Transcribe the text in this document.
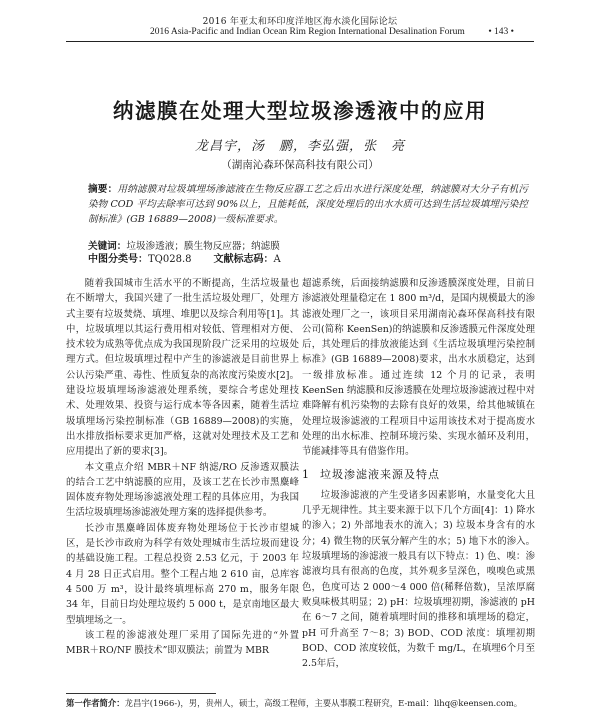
2016 年亚太和环印度洋地区海水淡化国际论坛
2016 Asia-Pacific and Indian Ocean Rim Region International Desalination Forum • 143 •
纳滤膜在处理大型垃圾渗透液中的应用
龙昌宇，汤　鹏，李弘强，张　亮
（湖南沁森环保高科技有限公司）
摘要：用纳滤膜对垃圾填埋场渗滤液在生物反应器工艺之后出水进行深度处理，纳滤膜对大分子有机污染物 COD 平均去除率可达到 90%以上，且能耗低，深度处理后的出水水质可达到生活垃圾填埋污染控制标准》(GB 16889—2008)一级标准要求。
关键词：垃圾渗透液；膜生物反应器；纳滤膜
中图分类号：TQ028.8 文献标志码：A

随着我国城市生活水平的不断提高，生活垃圾量也在不断增大，我国兴建了一批生活垃圾处理厂，处理方式主要有垃圾焚烧、填埋、堆肥以及综合利用等[1]。其中，垃圾填埋以其运行费用相对较低、管理相对方便、技术较为成熟等优点成为我国现阶段广泛采用的垃圾处理方式。但垃圾填埋过程中产生的渗滤液是目前世界上公认污染严重、毒性、性质复杂的高浓度污染废水[2]。建设垃圾填埋场渗滤液处理系统，要综合考虑处理技术、处理效果、投资与运行成本等各因素，随着生活垃圾填埋场污染控制标准（GB 16889—2008)的实施，出水排放指标要求更加严格，这就对处理技术及工艺和应用提出了新的要求[3]。

本文重点介绍 MBR＋NF 纳滤/RO 反渗透双膜法的结合工艺中纳滤膜的应用，及该工艺在长沙市黑麋峰固体废弃物处理场渗滤液处理工程的具体应用，为我国生活垃圾填埋场渗滤液处理方案的选择提供参考。

长沙市黑麋峰固体废弃物处理场位于长沙市望城区，是长沙市政府为科学有效处理城市生活垃圾而建设的基础设施工程。工程总投资 2.53 亿元，于 2003 年 4 月 28 日正式启用。整个工程占地 2 610 亩，总库容 4 500 万 m³，设计最终填埋标高 270 m，服务年限 34 年，目前日均处理垃圾约 5 000 t，是京南地区最大型填埋场之一。

该工程的渗滤液处理厂采用了国际先进的“外置 MBR＋RO/NF 膜技术”即双膜法；前置为 MBR

超滤系统，后面接纳滤膜和反渗透膜深度处理，目前日渗滤液处理量稳定在 1 800 m³/d，是国内规模最大的渗滤液处理厂之一，该项目采用湖南沁森环保高科技有限公司(简称 KeenSen)的纳滤膜和反渗透膜元件深度处理后，其处理后的排放液能达到《生活垃圾填埋污染控制标准》(GB 16889—2008)要求，出水水质稳定，达到一级排放标准。通过连续 12 个月的记录，表明 KeenSen 纳滤膜和反渗透膜在处理垃圾渗滤液过程中对难降解有机污染物的去除有良好的效果，给其他城镇在处理垃圾渗滤液的工程项目中运用该技术对于提高废水处理的出水标准、控制环境污染、实现水循环及利用，节能减排等具有借鉴作用。

1 垃圾渗滤液来源及特点

垃圾渗滤液的产生受诸多因素影响，水量变化大且几乎无规律性。其主要来源于以下几个方面[4]：1) 降水的渗入；2) 外部地表水的流入；3) 垃圾本身含有的水分；4) 微生物的厌氧分解产生的水；5) 地下水的渗入。垃圾填埋场的渗滤液一般具有以下特点：1) 色、嗅：渗滤液均具有很高的色度，其外观多呈深色，嗅嗅色或黑色，色度可达 2 000～4 000 倍(稀释倍数)，呈浓厚腐败臭味极其明显；2) pH：垃圾填埋初期，渗滤液的 pH 在 6～7 之间，随着填埋时间的推移和填埋场的稳定，pH 可升高至 7～8；3) BOD、COD 浓度：填埋初期 BOD、COD 浓度较低，为数千 mg/L，在填埋6个月至2.5年后，

第一作者简介：龙昌宇(1966-)，男，贵州人，硕士，高级工程师，主要从事膜工程研究，E-mail：lihq@keensen.com。
